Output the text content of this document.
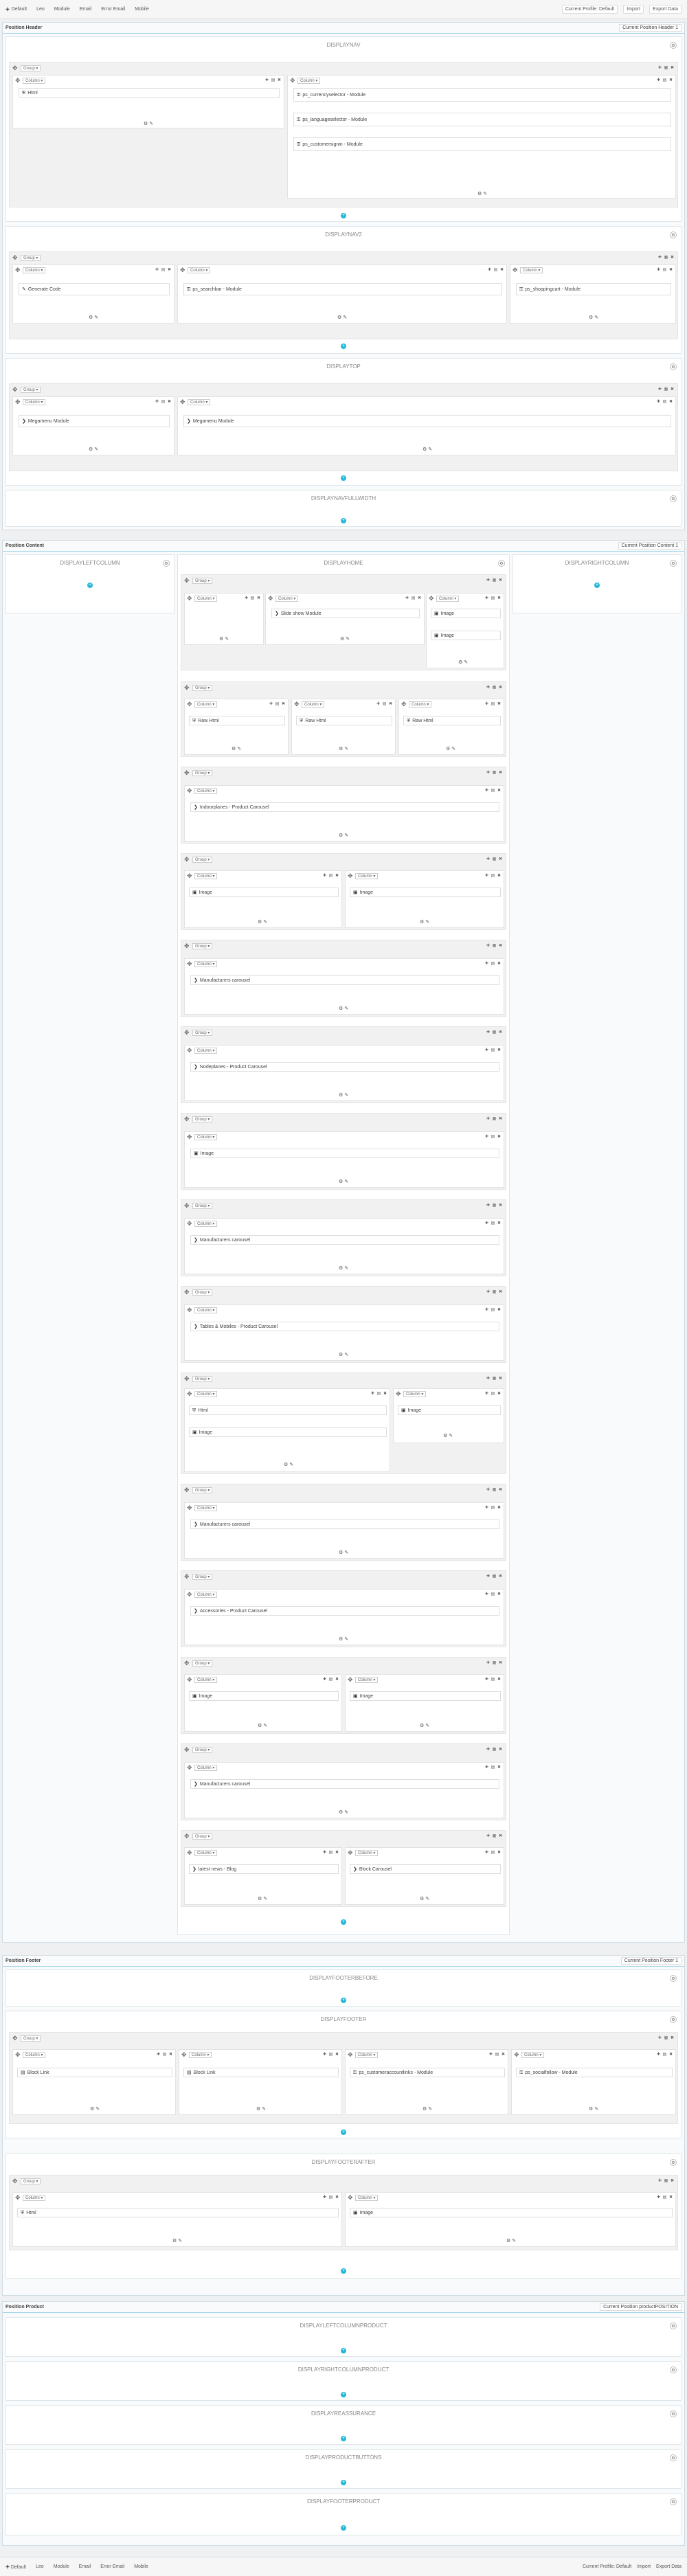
✚ Default Leo Module Email Error Email Mobile	Current Profile: Default	Import	Export Data
Position Header	Current Position Header 1
DISPLAYNAV	⚙
✥	Group ▾	✚ ▦ ✖
✥	Column ▾	✚ ▤ ✖
⛨ Html
⚙ ✎
✥	Column ▾	✚ ▤ ✖
⚿ ps_currencyselector - Module
⚿ ps_languageselector - Module
⚿ ps_customersignin - Module
⚙ ✎
+
DISPLAYNAV2	⚙
✥	Group ▾	✚ ▦ ✖
✥	Column ▾	✚ ▤ ✖
✎ Generate Code
⚙ ✎
✥	Column ▾	✚ ▤ ✖
⚿ ps_searchbar - Module
⚙ ✎
✥	Column ▾	✚ ▤ ✖
⚿ ps_shoppingcart - Module
⚙ ✎
+
DISPLAYTOP	⚙
✥	Group ▾	✚ ▦ ✖
✥	Column ▾	✚ ▤ ✖
❯ Megamenu Module
⚙ ✎
✥	Column ▾	✚ ▤ ✖
❯ Megamenu Module
⚙ ✎
+
DISPLAYNAVFULLWIDTH	⚙
+
Position Content	Current Position Content 1
DISPLAYLEFTCOLUMN	⚙
+
DISPLAYRIGHTCOLUMN	⚙
+
DISPLAYHOME	⚙
✥	Group ▾	✚ ▦ ✖
✥	Column ▾	✚ ▤ ✖
⚙ ✎
✥	Column ▾	✚ ▤ ✖
❯ Slide show Module
⚙ ✎
✥	Column ▾	✚ ▤ ✖
▣ Image
▣ Image
⚙ ✎
✥	Group ▾	✚ ▦ ✖
✥	Column ▾	✚ ▤ ✖
⛨ Raw Html
⚙ ✎
✥	Column ▾	✚ ▤ ✖
⛨ Raw Html
⚙ ✎
✥	Column ▾	✚ ▤ ✖
⛨ Raw Html
⚙ ✎
✥	Group ▾	✚ ▦ ✖
✥	Column ▾	✚ ▤ ✖
❯ Indoorplanes - Product Carousel
⚙ ✎
✥	Group ▾	✚ ▦ ✖
✥	Column ▾	✚ ▤ ✖
▣ Image
⚙ ✎
✥	Column ▾	✚ ▤ ✖
▣ Image
⚙ ✎
✥	Group ▾	✚ ▦ ✖
✥	Column ▾	✚ ▤ ✖
❯ Manufacturers carousel
⚙ ✎
✥	Group ▾	✚ ▦ ✖
✥	Column ▾	✚ ▤ ✖
❯ Nodeplanes - Product Carousel
⚙ ✎
✥	Group ▾	✚ ▦ ✖
✥	Column ▾	✚ ▤ ✖
▣ Image
⚙ ✎
✥	Group ▾	✚ ▦ ✖
✥	Column ▾	✚ ▤ ✖
❯ Manufacturers carousel
⚙ ✎
✥	Group ▾	✚ ▦ ✖
✥	Column ▾	✚ ▤ ✖
❯ Tables & Mobiles - Product Carousel
⚙ ✎
✥	Group ▾	✚ ▦ ✖
✥	Column ▾	✚ ▤ ✖
⛨ Html
▣ Image
⚙ ✎
✥	Column ▾	✚ ▤ ✖
▣ Image
⚙ ✎
✥	Group ▾	✚ ▦ ✖
✥	Column ▾	✚ ▤ ✖
❯ Manufacturers carousel
⚙ ✎
✥	Group ▾	✚ ▦ ✖
✥	Column ▾	✚ ▤ ✖
❯ Accessories - Product Carousel
⚙ ✎
✥	Group ▾	✚ ▦ ✖
✥	Column ▾	✚ ▤ ✖
▣ Image
⚙ ✎
✥	Column ▾	✚ ▤ ✖
▣ Image
⚙ ✎
✥	Group ▾	✚ ▦ ✖
✥	Column ▾	✚ ▤ ✖
❯ Manufacturers carousel
⚙ ✎
✥	Group ▾	✚ ▦ ✖
✥	Column ▾	✚ ▤ ✖
❯ latest news - Blog
⚙ ✎
✥	Column ▾	✚ ▤ ✖
❯ Block Carousel
⚙ ✎
+
Position Footer	Current Position Footer 1
DISPLAYFOOTERBEFORE	⚙
+
DISPLAYFOOTER	⚙
✥	Group ▾	✚ ▦ ✖
✥	Column ▾	✚ ▤ ✖
▤ Block Link
⚙ ✎
✥	Column ▾	✚ ▤ ✖
▤ Block Link
⚙ ✎
✥	Column ▾	✚ ▤ ✖
⚿ ps_customeraccountlinks - Module
⚙ ✎
✥	Column ▾	✚ ▤ ✖
⚿ ps_socialfollow - Module
⚙ ✎
+
DISPLAYFOOTERAFTER	⚙
✥	Group ▾	✚ ▦ ✖
✥	Column ▾	✚ ▤ ✖
⛨ Html
⚙ ✎
✥	Column ▾	✚ ▤ ✖
▣ Image
⚙ ✎
+
Position Product	Current Position productPOSITION
DISPLAYLEFTCOLUMNPRODUCT	⚙
+
DISPLAYRIGHTCOLUMNPRODUCT	⚙
+
DISPLAYREASSURANCE	⚙
+
DISPLAYPRODUCTBUTTONS	⚙
+
DISPLAYFOOTERPRODUCT	⚙
+
✚ Default Leo Module Email Error Email Mobile	Current Profile: Default Import Export Data
